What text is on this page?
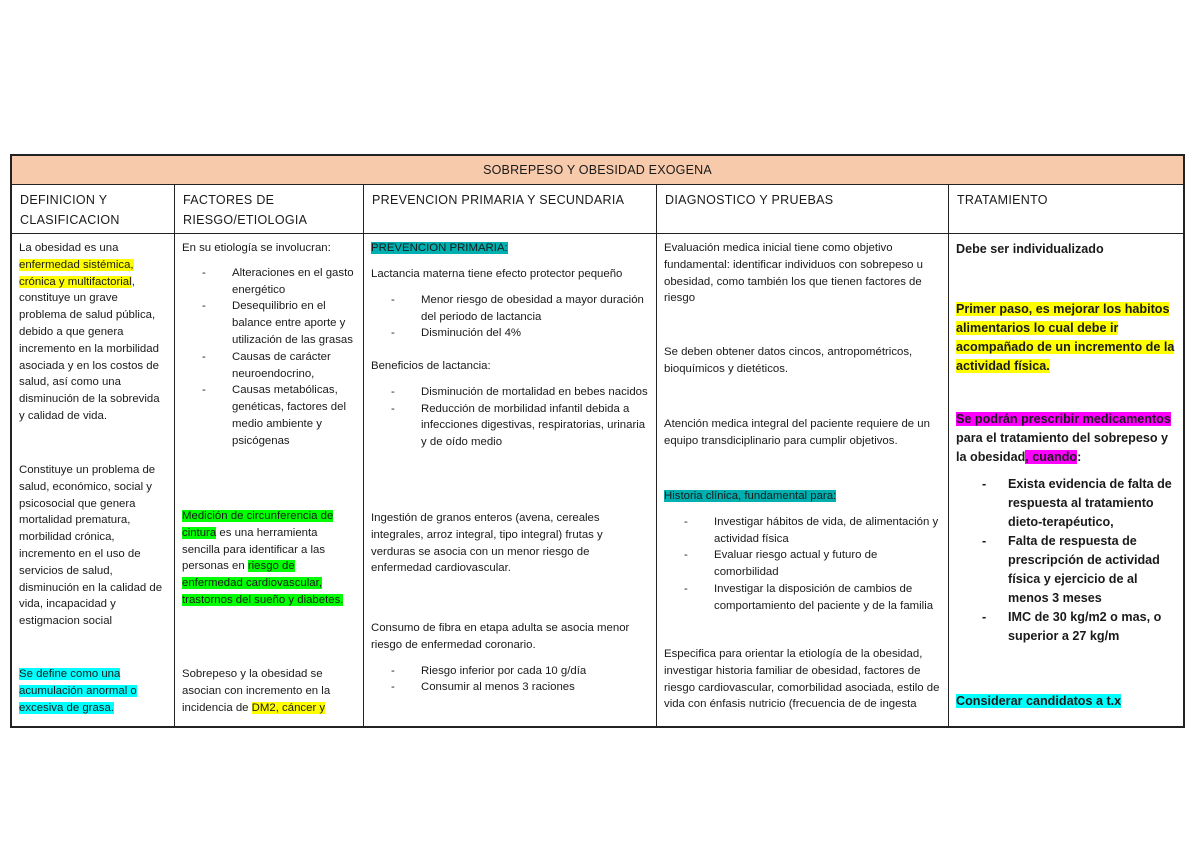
SOBREPESO Y OBESIDAD EXOGENA
DEFINICION Y CLASIFICACION

La obesidad es una enfermedad sistémica, crónica y multifactorial, constituye un grave problema de salud pública, debido a que genera incremento en la morbilidad asociada y en los costos de salud, así como una disminución de la sobrevida y calidad de vida.

Constituye un problema de salud, económico, social y psicosocial que genera mortalidad prematura, morbilidad crónica, incremento en el uso de servicios de salud, disminución en la calidad de vida, incapacidad y estigmacion social

Se define como una acumulación anormal o excesiva de grasa.

FACTORES DE RIESGO/ETIOLOGIA

En su etiología se involucran:

- Alteraciones en el gasto energético
- Desequilibrio en el balance entre aporte y utilización de las grasas
- Causas de carácter neuroendocrino,
- Causas metabólicas, genéticas, factores del medio ambiente y psicógenas

Medición de circunferencia de cintura es una herramienta sencilla para identificar a las personas en riesgo de enfermedad cardiovascular, trastornos del sueño y diabetes.

Sobrepeso y la obesidad se asocian con incremento en la incidencia de DM2, cáncer y

PREVENCION PRIMARIA Y SECUNDARIA

PREVENCION PRIMARIA:

Lactancia materna tiene efecto protector pequeño

- Menor riesgo de obesidad a mayor duración del periodo de lactancia
- Disminución del 4%

Beneficios de lactancia:

- Disminución de mortalidad en bebes nacidos
- Reducción de morbilidad infantil debida a infecciones digestivas, respiratorias, urinaria y de oído medio

Ingestión de granos enteros (avena, cereales integrales, arroz integral, tipo integral) frutas y verduras se asocia con un menor riesgo de enfermedad cardiovascular.

Consumo de fibra en etapa adulta se asocia menor riesgo de enfermedad coronario.

- Riesgo inferior por cada 10 g/día
- Consumir al menos 3 raciones
DIAGNOSTICO Y PRUEBAS

Evaluación medica inicial tiene como objetivo fundamental: identificar individuos con sobrepeso u obesidad, como también los que tienen factores de riesgo

Se deben obtener datos cincos, antropométricos, bioquímicos y dietéticos.

Atención medica integral del paciente requiere de un equipo transdiciplinario para cumplir objetivos.

Historia clínica, fundamental para:

- Investigar hábitos de vida, de alimentación y actividad física
- Evaluar riesgo actual y futuro de comorbilidad
- Investigar la disposición de cambios de comportamiento del paciente y de la familia

Especifica para orientar la etiología de la obesidad, investigar historia familiar de obesidad, factores de riesgo cardiovascular, comorbilidad asociada, estilo de vida con énfasis nutricio (frecuencia de de ingesta

TRATAMIENTO

Debe ser individualizado

Primer paso, es mejorar los habitos alimentarios lo cual debe ir acompañado de un incremento de la actividad física.

Se podrán prescribir medicamentos para el tratamiento del sobrepeso y la obesidad, cuando:

- Exista evidencia de falta de respuesta al tratamiento dieto-terapéutico,
- Falta de respuesta de prescripción de actividad física y ejercicio de al menos 3 meses
- IMC de 30 kg/m2 o mas, o superior a 27 kg/m

Considerar candidatos a t.x
